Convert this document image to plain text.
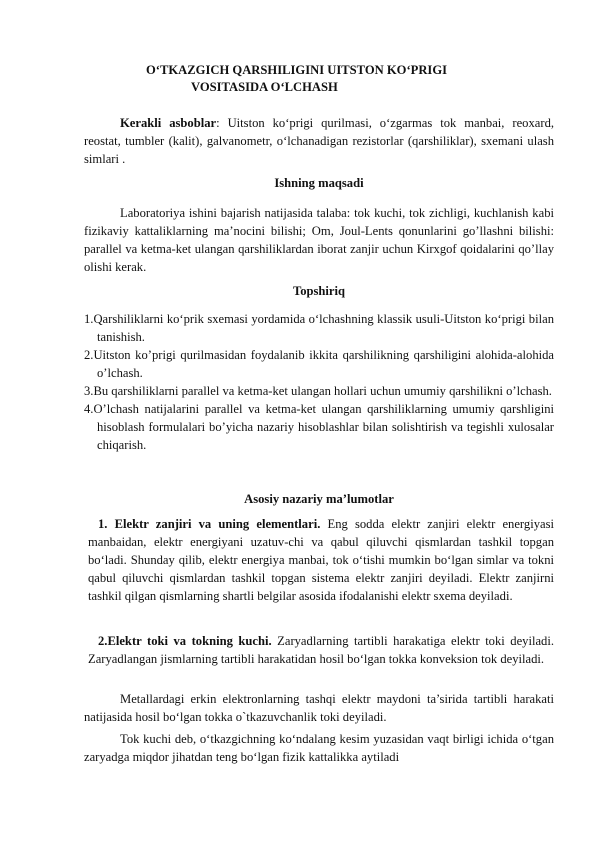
O‘TKAZGICH QARSHILIGINI UITSTON KO‘PRIGI
VOSITASIDA O‘LCHASH
Kerakli asboblar: Uitston ko‘prigi qurilmasi, o‘zgarmas tok manbai, reoxard, reostat, tumbler (kalit), galvanometr, o‘lchanadigan rezistorlar (qarshiliklar), sxemani ulash simlari .
Ishning maqsadi
Laboratoriya ishini bajarish natijasida talaba: tok kuchi, tok zichligi, kuchlanish kabi fizikaviy kattaliklarning ma’nocini bilishi; Om, Joul-Lents qonunlarini go’llashni bilishi: parallel va ketma-ket ulangan qarshiliklardan iborat zanjir uchun Kirxgof qoidalarini qo’llay olishi kerak.
Topshiriq
1.Qarshiliklarni ko‘prik sxemasi yordamida o‘lchashning klassik usuli-Uitston ko‘prigi bilan tanishish.
2.Uitston ko’prigi qurilmasidan foydalanib ikkita qarshilikning qarshiligini alohida-alohida o’lchash.
3.Bu qarshiliklarni parallel va ketma-ket ulangan hollari uchun umumiy qarshilikni o’lchash.
4.O’lchash natijalarini parallel va ketma-ket ulangan qarshiliklarning umumiy qarshligini hisoblash formulalari bo’yicha nazariy hisoblashlar bilan solishtirish va tegishli xulosalar chiqarish.
Asosiy nazariy ma’lumotlar

1. Elektr zanjiri va uning elementlari. Eng sodda elektr zanjiri elektr energiyasi manbaidan, elektr energiyani uzatuv-chi va qabul qiluvchi qismlardan tashkil topgan bo‘ladi. Shunday qilib, elektr energiya manbai, tok o‘tishi mumkin bo‘lgan simlar va tokni qabul qiluvchi qismlardan tashkil topgan sistema elektr zanjiri deyiladi. Elektr zanjirni tashkil qilgan qismlarning shartli belgilar asosida ifodalanishi elektr sxema deyiladi.

2.Elektr toki va tokning kuchi. Zaryadlarning tartibli harakatiga elektr toki deyiladi. Zaryadlangan jismlarning tartibli harakatidan hosil bo‘lgan tokka konveksion tok deyiladi.

Metallardagi erkin elektronlarning tashqi elektr maydoni ta’sirida tartibli harakati natijasida hosil bo‘lgan tokka o`tkazuvchanlik toki deyiladi.
Tok kuchi deb, o‘tkazgichning ko‘ndalang kesim yuzasidan vaqt birligi ichida o‘tgan zaryadga miqdor jihatdan teng bo‘lgan fizik kattalikka aytiladi
